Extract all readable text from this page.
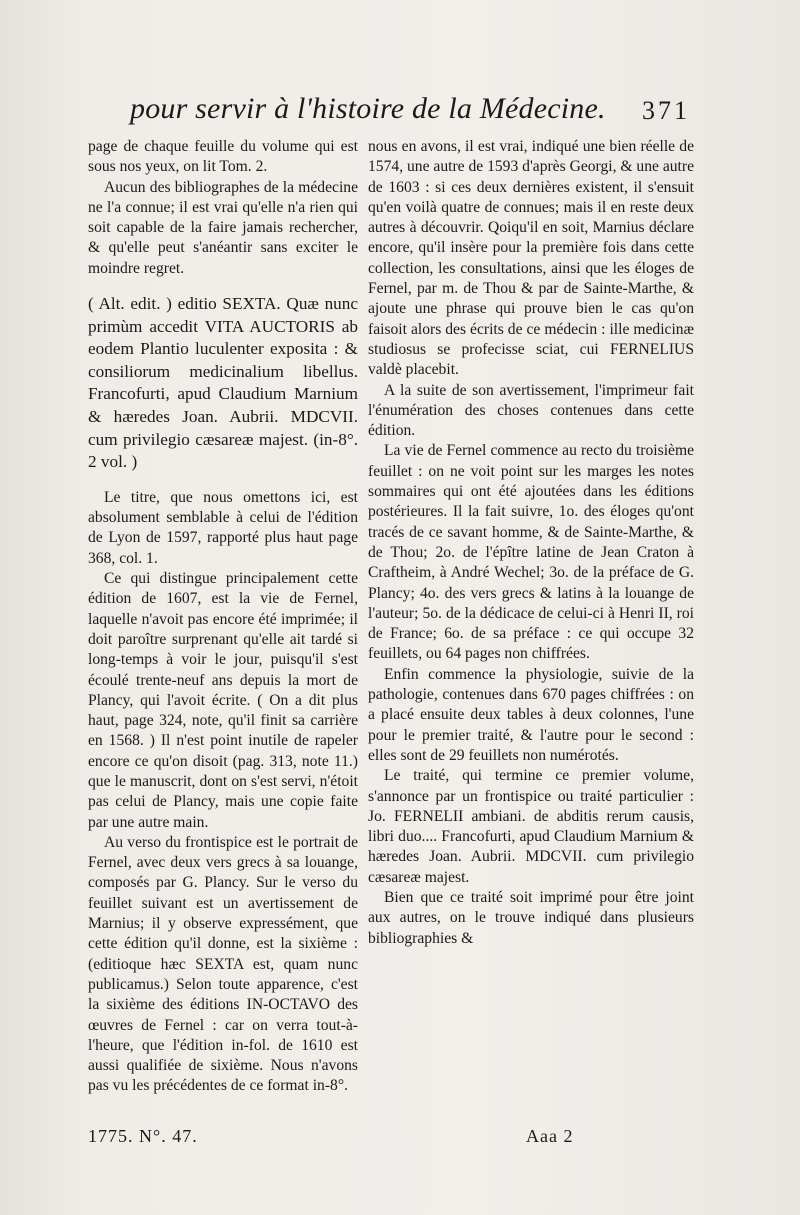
pour servir à l'histoire de la Médecine. 371

page de chaque feuille du volume qui est sous nos yeux, on lit Tom. 2.

Aucun des bibliographes de la médecine ne l'a connue; il est vrai qu'elle n'a rien qui soit capable de la faire jamais rechercher, & qu'elle peut s'anéantir sans exciter le moindre regret.

( Alt. edit. ) editio SEXTA. Quæ nunc primùm accedit VITA AUCTORIS ab eodem Plantio luculenter exposita : & consiliorum medicinalium libellus. Francofurti, apud Claudium Marnium & hæredes Joan. Aubrii. MDCVII. cum privilegio cæsareæ majest. (in-8°. 2 vol. )

Le titre, que nous omettons ici, est absolument semblable à celui de l'édition de Lyon de 1597, rapporté plus haut page 368, col. 1.

Ce qui distingue principalement cette édition de 1607, est la vie de Fernel, laquelle n'avoit pas encore été imprimée; il doit paroître surprenant qu'elle ait tardé si long-temps à voir le jour, puisqu'il s'est écoulé trente-neuf ans depuis la mort de Plancy, qui l'avoit écrite. ( On a dit plus haut, page 324, note, qu'il finit sa carrière en 1568. ) Il n'est point inutile de rapeler encore ce qu'on disoit (pag. 313, note 11.) que le manuscrit, dont on s'est servi, n'étoit pas celui de Plancy, mais une copie faite par une autre main.

Au verso du frontispice est le portrait de Fernel, avec deux vers grecs à sa louange, composés par G. Plancy. Sur le verso du feuillet suivant est un avertissement de Marnius; il y observe expressément, que cette édition qu'il donne, est la sixième : (editioque hæc SEXTA est, quam nunc publicamus.) Selon toute apparence, c'est la sixième des éditions IN-OCTAVO des œuvres de Fernel : car on verra tout-à-l'heure, que l'édition in-fol. de 1610 est aussi qualifiée de sixième. Nous n'avons pas vu les précédentes de ce format in-8°.

nous en avons, il est vrai, indiqué une bien réelle de 1574, une autre de 1593 d'après Georgi, & une autre de 1603 : si ces deux dernières existent, il s'ensuit qu'en voilà quatre de connues; mais il en reste deux autres à découvrir. Qoiqu'il en soit, Marnius déclare encore, qu'il insère pour la première fois dans cette collection, les consultations, ainsi que les éloges de Fernel, par m. de Thou & par de Sainte-Marthe, & ajoute une phrase qui prouve bien le cas qu'on faisoit alors des écrits de ce médecin : ille medicinæ studiosus se profecisse sciat, cui FERNELIUS valdè placebit.

A la suite de son avertissement, l'imprimeur fait l'énumération des choses contenues dans cette édition.

La vie de Fernel commence au recto du troisième feuillet : on ne voit point sur les marges les notes sommaires qui ont été ajoutées dans les éditions postérieures. Il la fait suivre, 1o. des éloges qu'ont tracés de ce savant homme, & de Sainte-Marthe, & de Thou; 2o. de l'épître latine de Jean Craton à Craftheim, à André Wechel; 3o. de la préface de G. Plancy; 4o. des vers grecs & latins à la louange de l'auteur; 5o. de la dédicace de celui-ci à Henri II, roi de France; 6o. de sa préface : ce qui occupe 32 feuillets, ou 64 pages non chiffrées.

Enfin commence la physiologie, suivie de la pathologie, contenues dans 670 pages chiffrées : on a placé ensuite deux tables à deux colonnes, l'une pour le premier traité, & l'autre pour le second : elles sont de 29 feuillets non numérotés.

Le traité, qui termine ce premier volume, s'annonce par un frontispice ou traité particulier : Jo. FERNELII ambiani. de abditis rerum causis, libri duo.... Francofurti, apud Claudium Marnium & hæredes Joan. Aubrii. MDCVII. cum privilegio cæsareæ majest.

Bien que ce traité soit imprimé pour être joint aux autres, on le trouve indiqué dans plusieurs bibliographies &

1775. N°. 47.	Aaa 2
